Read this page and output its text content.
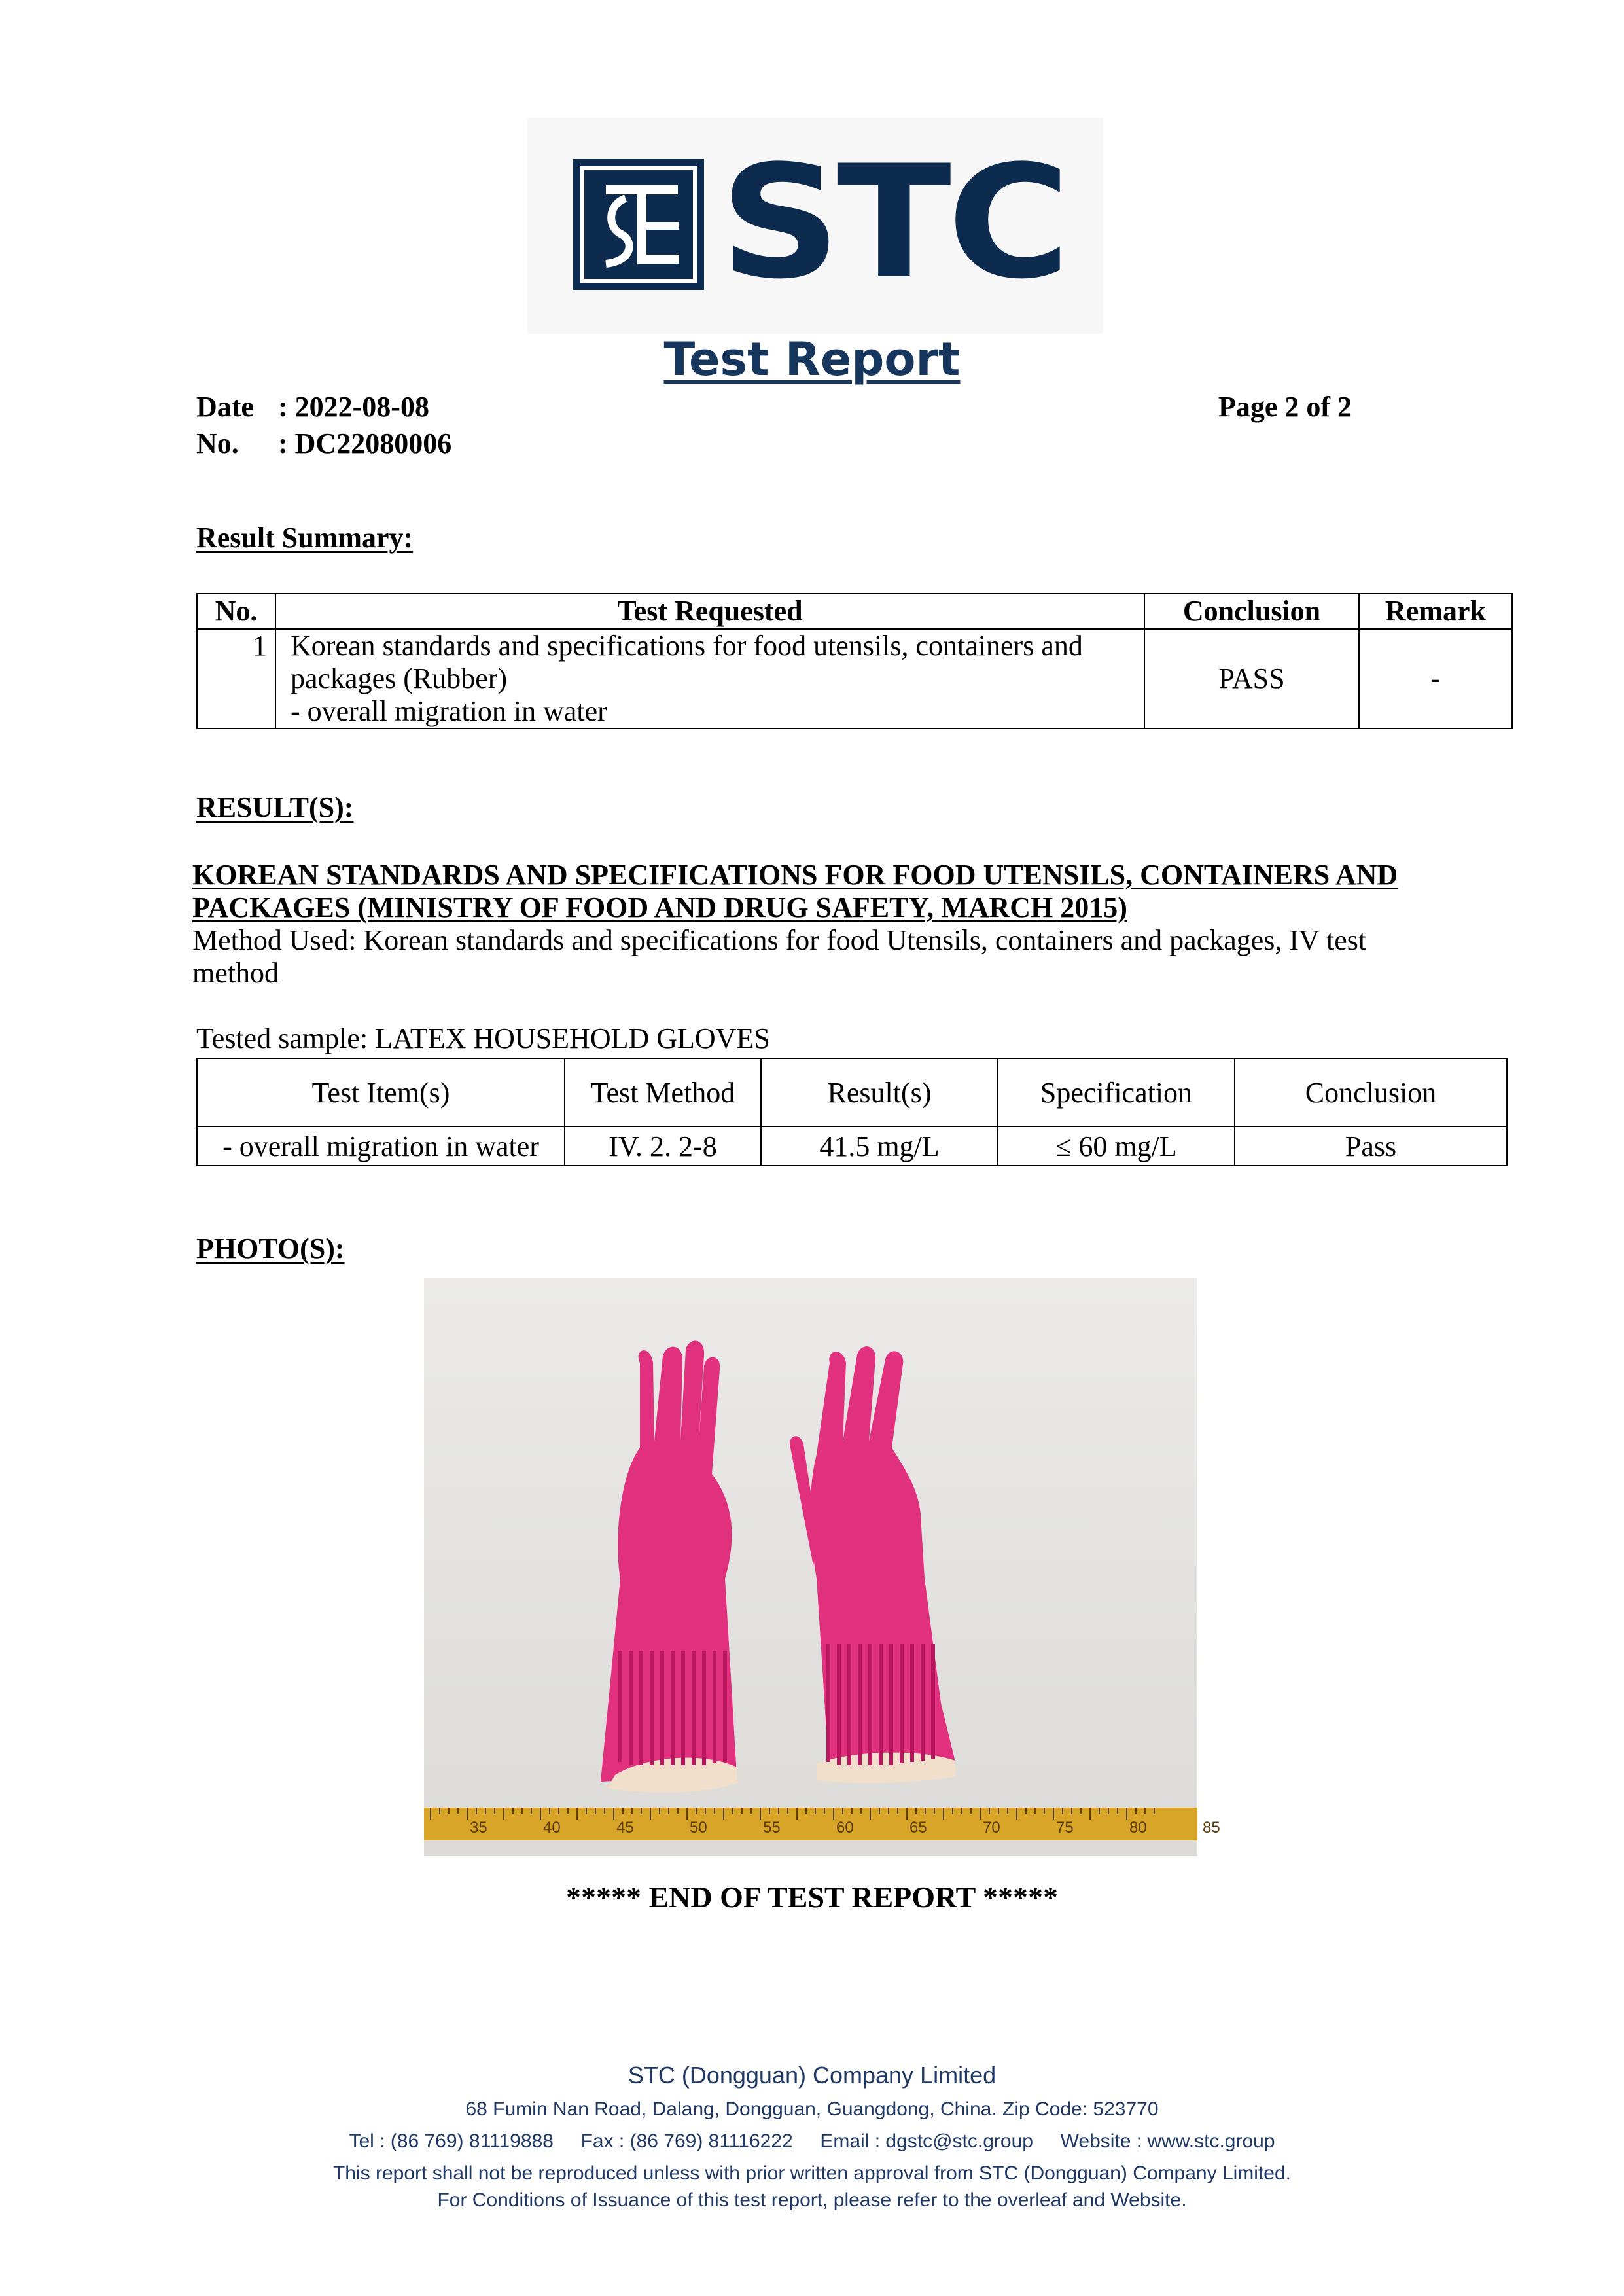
STC
Test Report
Date : 2022-08-08
No. : DC22080006
Page 2 of 2
Result Summary:
No.	Test Requested	Conclusion	Remark
1	Korean standards and specifications for food utensils, containers and
packages (Rubber)
- overall migration in water	PASS	-
RESULT(S):
KOREAN STANDARDS AND SPECIFICATIONS FOR FOOD UTENSILS, CONTAINERS AND
PACKAGES (MINISTRY OF FOOD AND DRUG SAFETY, MARCH 2015)
Method Used: Korean standards and specifications for food Utensils, containers and packages, IV test
method
Tested sample: LATEX HOUSEHOLD GLOVES
Test Item(s)	Test Method	Result(s)	Specification	Conclusion
- overall migration in water	IV. 2. 2-8	41.5 mg/L	≤ 60 mg/L	Pass
PHOTO(S):
35	40	45	50	55	60	65	70	75	80	85
***** END OF TEST REPORT *****
STC (Dongguan) Company Limited
68 Fumin Nan Road, Dalang, Dongguan, Guangdong, China. Zip Code: 523770
Tel : (86 769) 81119888     Fax : (86 769) 81116222     Email : dgstc@stc.group     Website : www.stc.group
This report shall not be reproduced unless with prior written approval from STC (Dongguan) Company Limited.
For Conditions of Issuance of this test report, please refer to the overleaf and Website.
